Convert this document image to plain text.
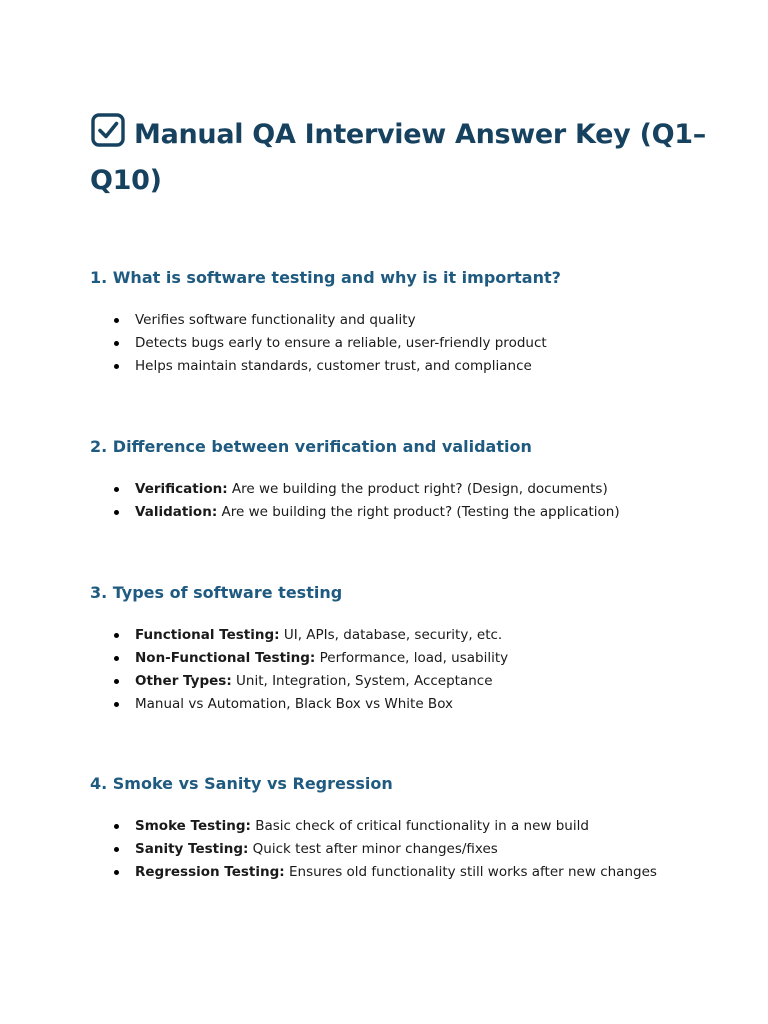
Manual QA Interview Answer Key (Q1–Q10)
1. What is software testing and why is it important?
Verifies software functionality and quality
Detects bugs early to ensure a reliable, user-friendly product
Helps maintain standards, customer trust, and compliance
2. Difference between verification and validation
Verification: Are we building the product right? (Design, documents)
Validation: Are we building the right product? (Testing the application)
3. Types of software testing
Functional Testing: UI, APIs, database, security, etc.
Non-Functional Testing: Performance, load, usability
Other Types: Unit, Integration, System, Acceptance
Manual vs Automation, Black Box vs White Box
4. Smoke vs Sanity vs Regression
Smoke Testing: Basic check of critical functionality in a new build
Sanity Testing: Quick test after minor changes/fixes
Regression Testing: Ensures old functionality still works after new changes
